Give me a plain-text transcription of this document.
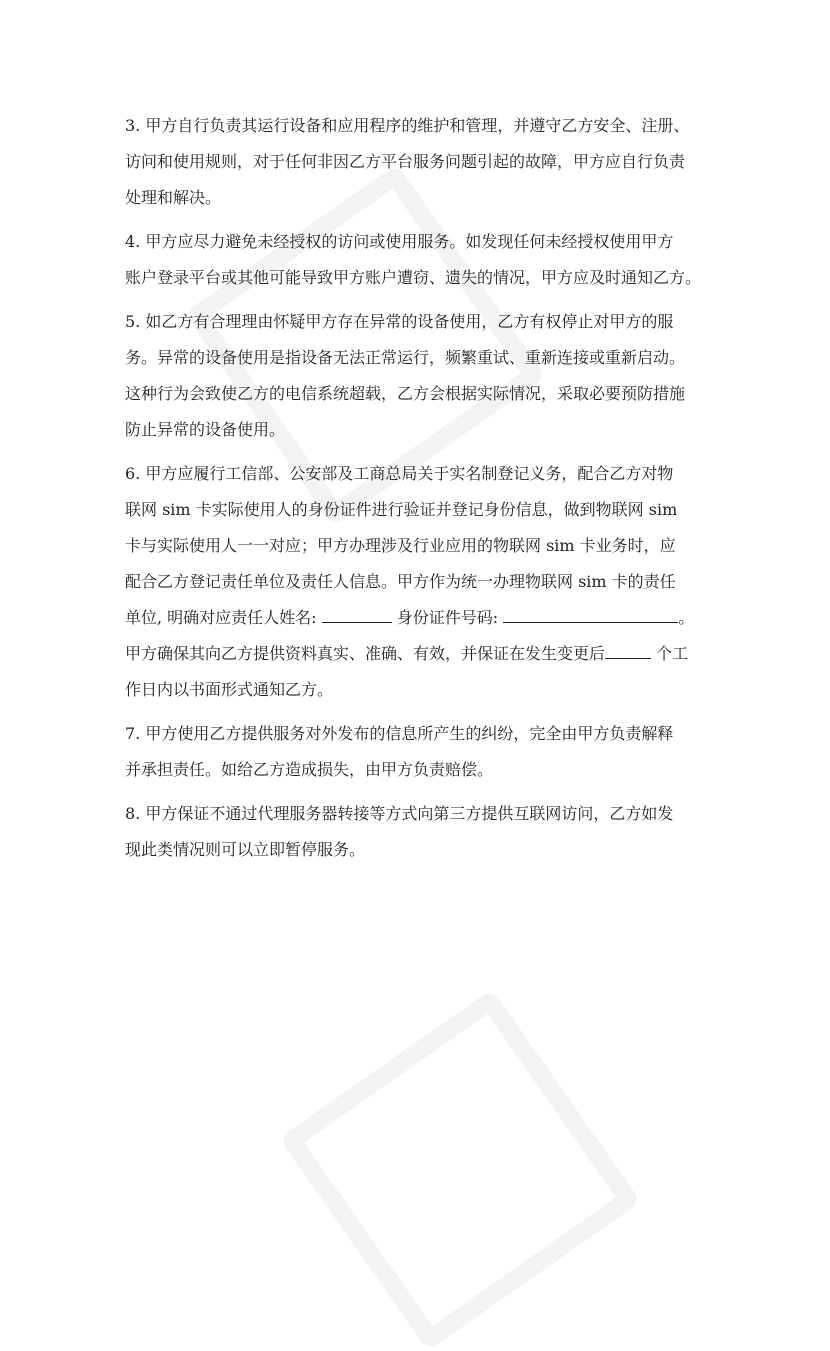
3. 甲方自行负责其运行设备和应用程序的维护和管理，并遵守乙方安全、注册、
访问和使用规则，对于任何非因乙方平台服务问题引起的故障，甲方应自行负责
处理和解决。

4. 甲方应尽力避免未经授权的访问或使用服务。如发现任何未经授权使用甲方
账户登录平台或其他可能导致甲方账户遭窃、遗失的情况，甲方应及时通知乙方。

5. 如乙方有合理理由怀疑甲方存在异常的设备使用，乙方有权停止对甲方的服
务。异常的设备使用是指设备无法正常运行，频繁重试、重新连接或重新启动。
这种行为会致使乙方的电信系统超载，乙方会根据实际情况，采取必要预防措施
防止异常的设备使用。

6. 甲方应履行工信部、公安部及工商总局关于实名制登记义务，配合乙方对物
联网 sim 卡实际使用人的身份证件进行验证并登记身份信息，做到物联网 sim
卡与实际使用人一一对应；甲方办理涉及行业应用的物联网 sim 卡业务时，应
配合乙方登记责任单位及责任人信息。甲方作为统一办理物联网 sim 卡的责任
单位, 明确对应责任人姓名:	身份证件号码:	。
甲方确保其向乙方提供资料真实、准确、有效，并保证在发生变更后	个工
作日内以书面形式通知乙方。

7. 甲方使用乙方提供服务对外发布的信息所产生的纠纷，完全由甲方负责解释
并承担责任。如给乙方造成损失，由甲方负责赔偿。

8. 甲方保证不通过代理服务器转接等方式向第三方提供互联网访问，乙方如发
现此类情况则可以立即暂停服务。
